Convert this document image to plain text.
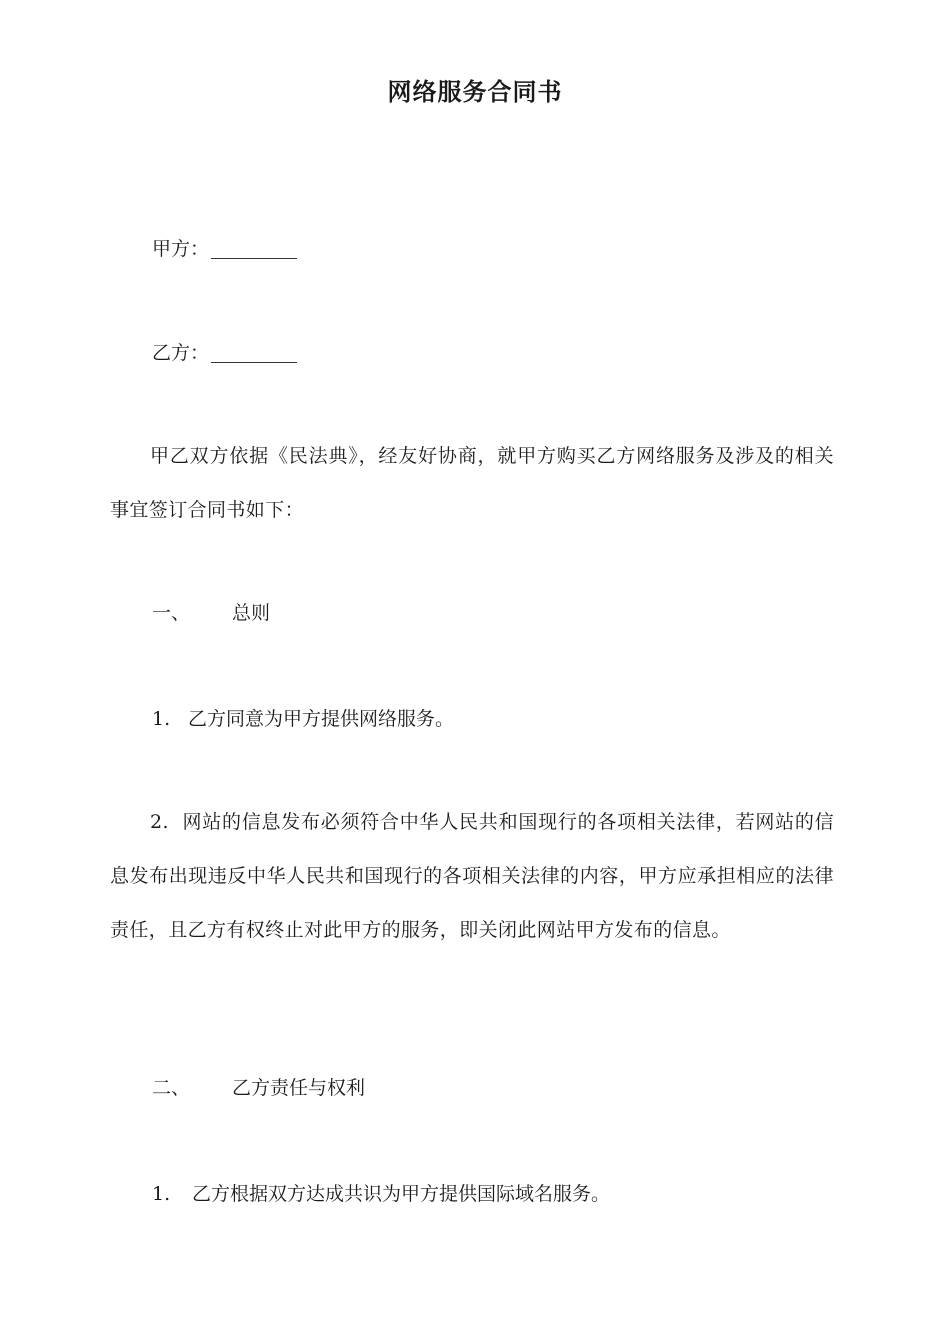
网络服务合同书
甲方：
乙方：
甲乙双方依据《民法典》，经友好协商，就甲方购买乙方网络服务及涉及的相关事宜签订合同书如下：
一、 总则
1. 乙方同意为甲方提供网络服务。
2. 网站的信息发布必须符合中华人民共和国现行的各项相关法律，若网站的信息发布出现违反中华人民共和国现行的各项相关法律的内容，甲方应承担相应的法律责任，且乙方有权终止对此甲方的服务，即关闭此网站甲方发布的信息。
二、 乙方责任与权利
1. 乙方根据双方达成共识为甲方提供国际域名服务。
